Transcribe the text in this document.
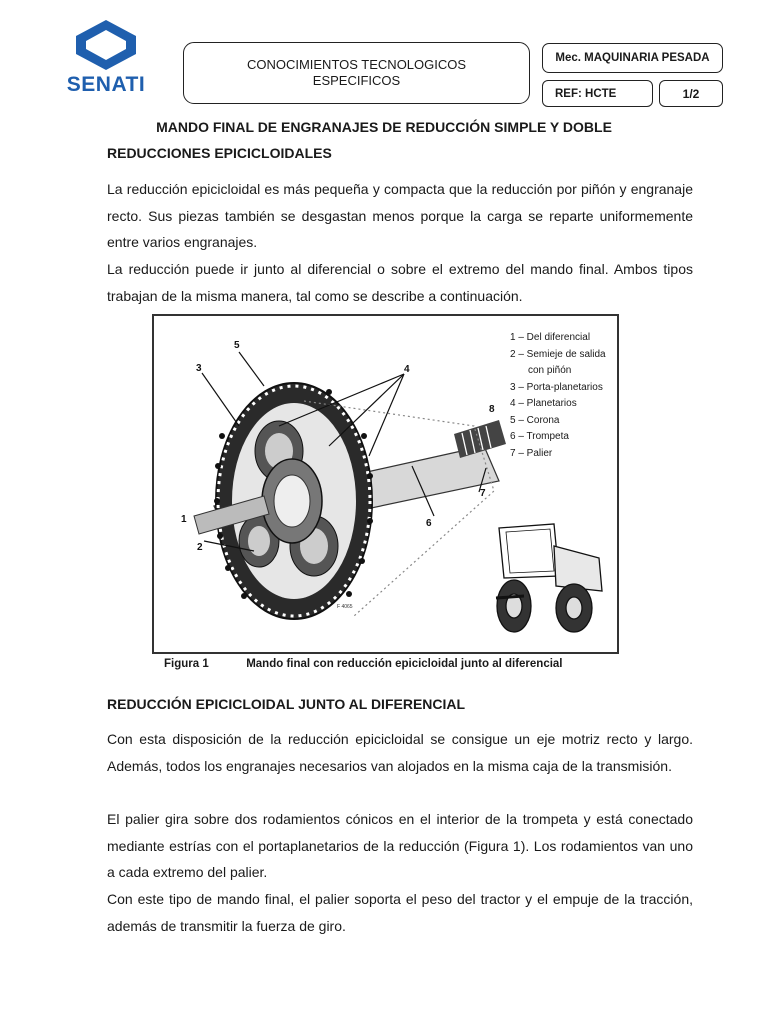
SENATI
CONOCIMIENTOS TECNOLOGICOS ESPECIFICOS
Mec. MAQUINARIA PESADA
REF: HCTE	1/2
MANDO FINAL DE ENGRANAJES DE REDUCCIÓN SIMPLE Y DOBLE
REDUCCIONES EPICICLOIDALES

La reducción epicicloidal es más pequeña y compacta que la reducción por piñón y engranaje recto. Sus piezas también se desgastan menos porque la carga se reparte uniformemente entre varios engranajes.

La reducción puede ir junto al diferencial o sobre el extremo del mando final. Ambos tipos trabajan de la misma manera, tal como se describe a continuación.

5
3	4
1
2
6
7
8
F 4065
1 – Del diferencial
2 – Semieje de salida
con piñón
3 – Porta-planetarios
4 – Planetarios
5 – Corona
6 – Trompeta
7 – Palier
Figura 1	Mando final con reducción epicicloidal junto al diferencial
REDUCCIÓN EPICICLOIDAL JUNTO AL DIFERENCIAL

Con esta disposición de la reducción epicicloidal se consigue un eje motriz recto y largo. Además, todos los engranajes necesarios van alojados en la misma caja de la transmisión.

El palier gira sobre dos rodamientos cónicos en el interior de la trompeta y está conectado mediante estrías con el portaplanetarios de la reducción (Figura 1). Los rodamientos van uno a cada extremo del palier.

Con este tipo de mando final, el palier soporta el peso del tractor y el empuje de la tracción, además de transmitir la fuerza de giro.
